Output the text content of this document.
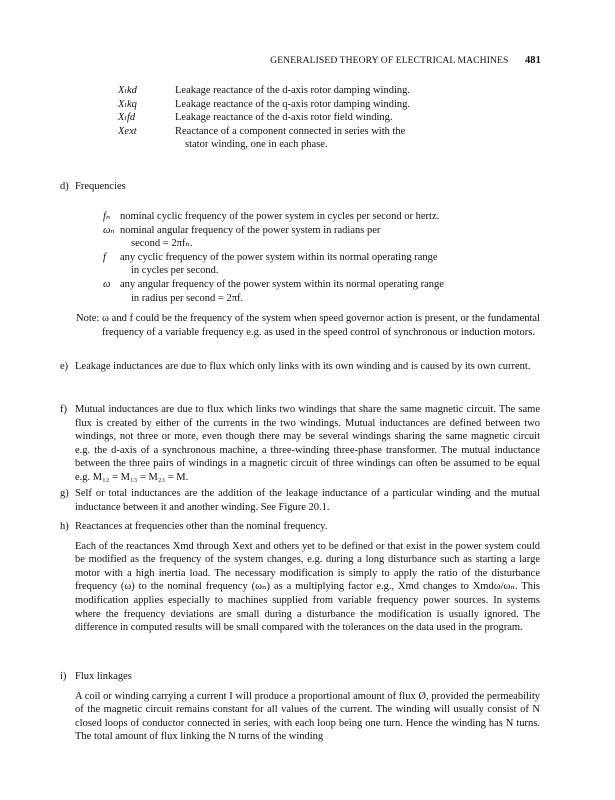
GENERALISED THEORY OF ELECTRICAL MACHINES 481
Xₗkd	Leakage reactance of the d-axis rotor damping winding.
Xₗkq	Leakage reactance of the q-axis rotor damping winding.
Xₗfd	Leakage reactance of the d-axis rotor field winding.
Xext	Reactance of a component connected in series with the
stator winding, one in each phase.
d) Frequencies
fₙ nominal cyclic frequency of the power system in cycles per second or hertz.
ωₙ nominal angular frequency of the power system in radians per
second = 2πfₙ.
f	any cyclic frequency of the power system within its normal operating range
in cycles per second.
ω any angular frequency of the power system within its normal operating range
in radius per second = 2πf.
Note: ω and f could be the frequency of the system when speed governor action is present, or the fundamental frequency of a variable frequency e.g. as used in the speed control of synchronous or induction motors.
e) Leakage inductances are due to flux which only links with its own winding and is caused by its own current.

f) Mutual inductances are due to flux which links two windings that share the same magnetic circuit. The same flux is created by either of the currents in the two windings. Mutual inductances are defined between two windings, not three or more, even though there may be several windings sharing the same magnetic circuit e.g. the d-axis of a synchronous machine, a three-winding three-phase transformer. The mutual inductance between the three pairs of windings in a magnetic circuit of three windings can often be assumed to be equal e.g. M₁₂ = M₁₃ = M₂₃ = M.

g) Self or total inductances are the addition of the leakage inductance of a particular winding and the mutual inductance between it and another winding. See Figure 20.1.

h) Reactances at frequencies other than the nominal frequency.

Each of the reactances Xmd through Xext and others yet to be defined or that exist in the power system could be modified as the frequency of the system changes, e.g. during a long disturbance such as starting a large motor with a high inertia load. The necessary modification is simply to apply the ratio of the disturbance frequency (ω) to the nominal frequency (ωₙ) as a multiplying factor e.g., Xmd changes to Xmdω/ωₙ. This modification applies especially to machines supplied from variable frequency power sources. In systems where the frequency deviations are small during a disturbance the modification is usually ignored. The difference in computed results will be small compared with the tolerances on the data used in the program.

i) Flux linkages

A coil or winding carrying a current I will produce a proportional amount of flux Ø, provided the permeability of the magnetic circuit remains constant for all values of the current. The winding will usually consist of N closed loops of conductor connected in series, with each loop being one turn. Hence the winding has N turns. The total amount of flux linking the N turns of the winding
